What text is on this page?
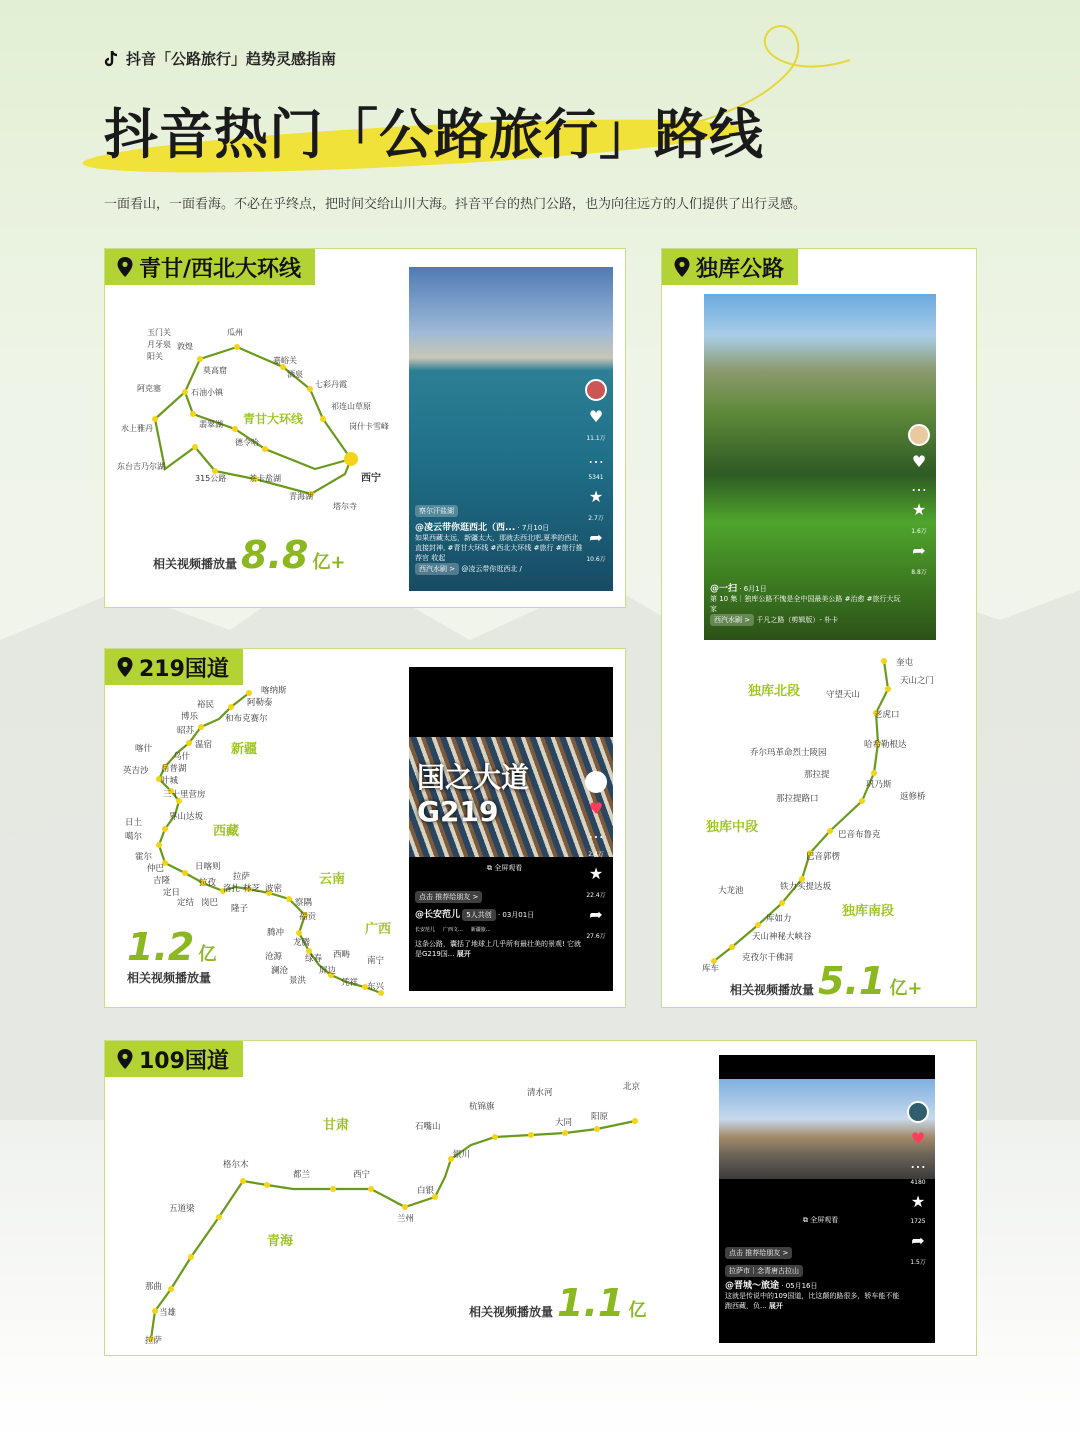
抖音「公路旅行」趋势灵感指南
抖音热门「公路旅行」路线
一面看山，一面看海。不必在乎终点，把时间交给山川大海。抖音平台的热门公路，也为向往远方的人们提供了出行灵感。
青甘/西北大环线
玉门关
月牙泉
阳关
瓜州
敦煌
莫高窟
嘉峪关
酒泉
七彩丹霞
阿克塞	石油小镇
祁连山草原
水上雅丹	翡翠湖	岗什卡雪峰
德令哈
东台吉乃尔湖
315公路	茶卡盐湖	西宁
青海湖
塔尔寺
青甘大环线
相关视频播放量 8.8 亿+
♥
11.1万
…
5341
★
2.7万
➦
10.6万
察尔汗盐湖
@凌云带你逛西北（西... · 7月10日
如果西藏太远，新疆太大，那就去西北吧,夏季的西北直接封神, #青甘大环线 #西北大环线 #旅行 #旅行推荐官 收起
西汽水刷 > @凌云带你逛西北 /
独库公路
♥
…
★
1.6万
➦
8.8万
@一扫 · 6月1日
第 10 集｜独库公路不愧是全中国最美公路 #治愈 #旅行大玩家
西汽水刷 > 千凡之路（剪辑版）- 朴卡
奎屯
天山之门
守望天山
老虎口
哈希勒根达
乔尔玛革命烈士陵园
那拉提
巩乃斯
那拉提路口	返修桥
巴音布鲁克
巴音郭楞
大龙池	铁力买提达坂
库如力
天山神秘大峡谷
克孜尔千佛洞
库车
独库北段
独库中段
独库南段
相关视频播放量 5.1 亿+
219国道
喀纳斯
阿勒泰
裕民
和布克赛尔
博乐
昭苏
温宿
喀什
乌什
英吉沙 岳普湖
叶城
三十里营房
界山达坂
日土
噶尔
霍尔
仲巴	日喀则
拉萨
吉隆	拉孜
洛扎 林芝 波密
定日
定结 岗巴
隆子
察隅
福贡
腾冲
龙腾
沧源	绿春 西畴
南宁
澜沧	屏边
景洪	凭祥 东兴
新疆
西藏
云南
广西
1.2 亿
相关视频播放量
国之大道 G219
⧉ 全屏观看
♥
…
2.4万
★
22.4万
➦
27.6万
点击 推荐给朋友 >
@长安范儿 5人共创 · 03月01日
长安范儿 广西文... 新疆旅...
这条公路，囊括了地球上几乎所有最壮美的景观! 它就是G219国... 展开
109国道
北京
清水河
杭锦旗
大同
阳原
石嘴山
银川
白银
兰州
西宁
都兰
格尔木
五道梁
那曲
当雄
拉萨
甘肃
青海
相关视频播放量 1.1 亿
⧉ 全屏观看
♥
…
4180
★
1725
➦
1.5万
点击 推荐给朋友 >
拉萨市｜念青唐古拉山
@晋城～旅途 · 05月16日
这就是传说中的109国道，比这颠的路很多，轿车能不能跑西藏，负... 展开
